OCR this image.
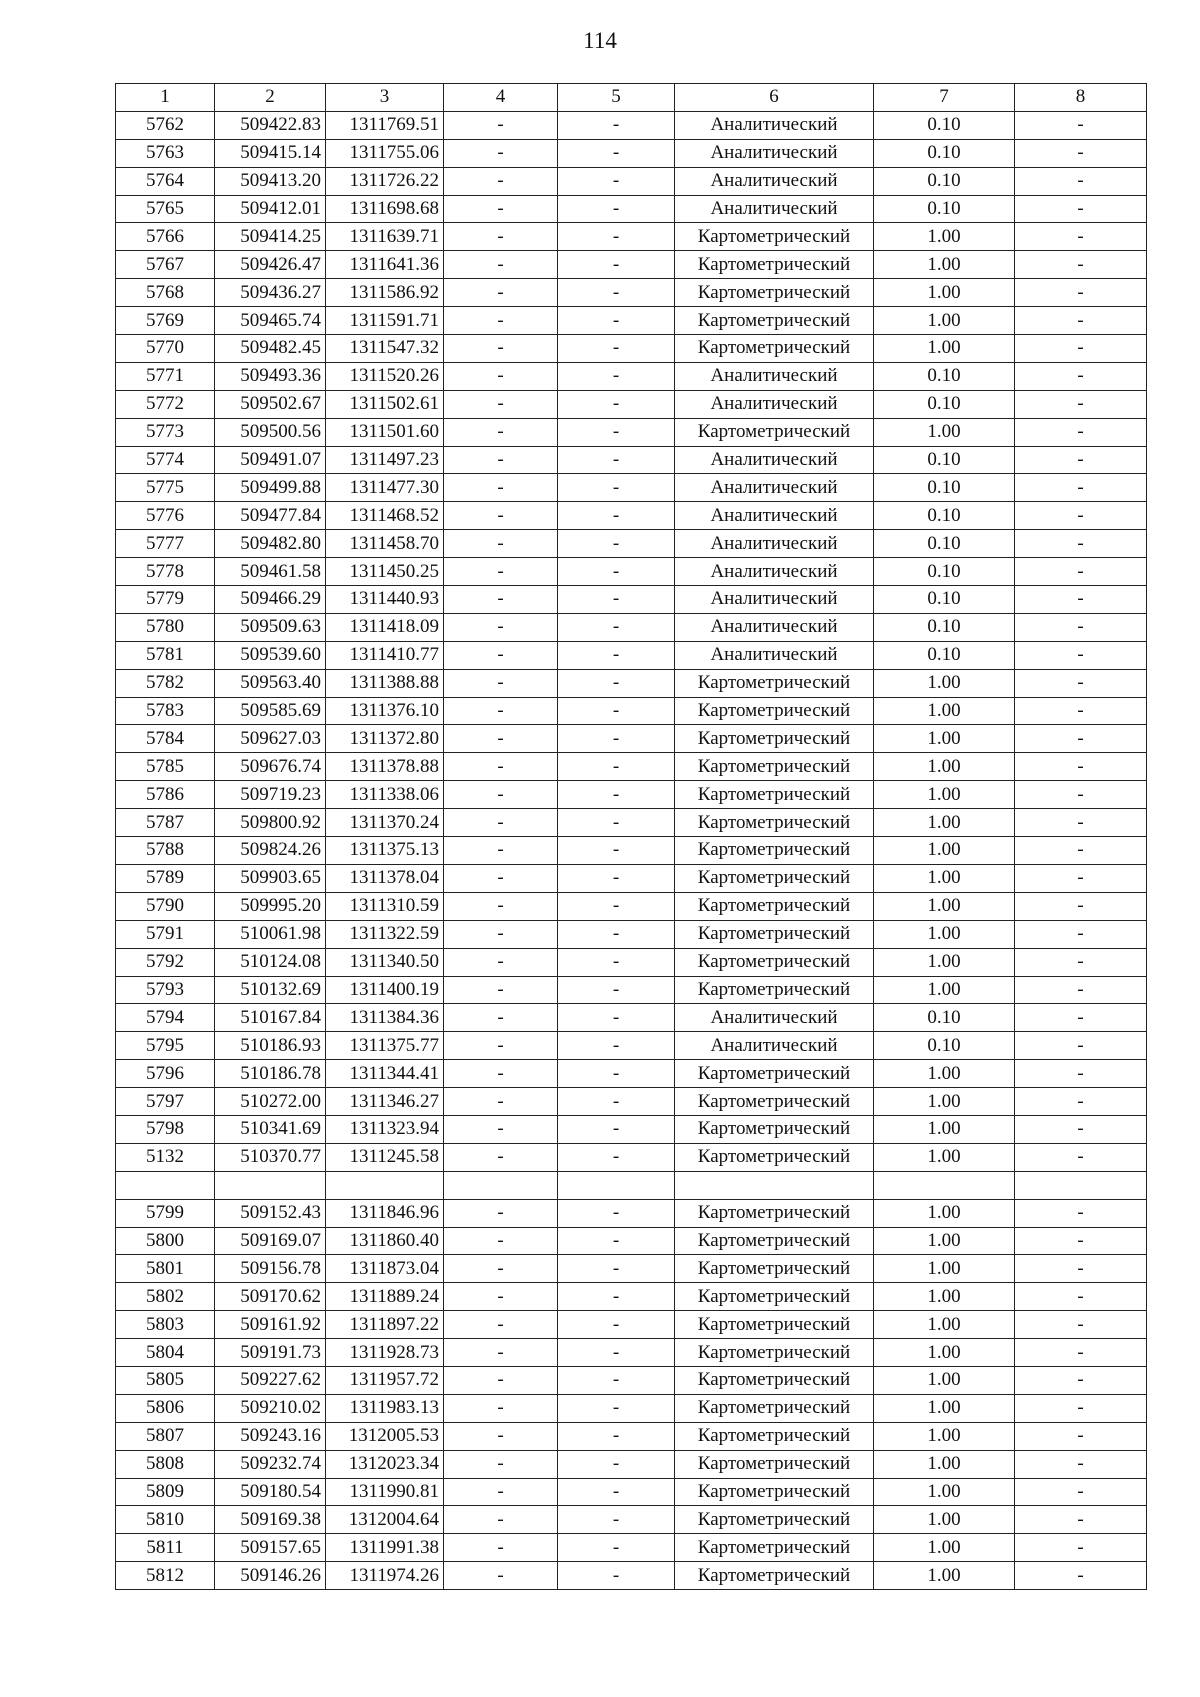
114
1	2	3	4	5	6	7	8
5762	509422.83	1311769.51	-	-	Аналитический	0.10	-
5763	509415.14	1311755.06	-	-	Аналитический	0.10	-
5764	509413.20	1311726.22	-	-	Аналитический	0.10	-
5765	509412.01	1311698.68	-	-	Аналитический	0.10	-
5766	509414.25	1311639.71	-	-	Картометрический	1.00	-
5767	509426.47	1311641.36	-	-	Картометрический	1.00	-
5768	509436.27	1311586.92	-	-	Картометрический	1.00	-
5769	509465.74	1311591.71	-	-	Картометрический	1.00	-
5770	509482.45	1311547.32	-	-	Картометрический	1.00	-
5771	509493.36	1311520.26	-	-	Аналитический	0.10	-
5772	509502.67	1311502.61	-	-	Аналитический	0.10	-
5773	509500.56	1311501.60	-	-	Картометрический	1.00	-
5774	509491.07	1311497.23	-	-	Аналитический	0.10	-
5775	509499.88	1311477.30	-	-	Аналитический	0.10	-
5776	509477.84	1311468.52	-	-	Аналитический	0.10	-
5777	509482.80	1311458.70	-	-	Аналитический	0.10	-
5778	509461.58	1311450.25	-	-	Аналитический	0.10	-
5779	509466.29	1311440.93	-	-	Аналитический	0.10	-
5780	509509.63	1311418.09	-	-	Аналитический	0.10	-
5781	509539.60	1311410.77	-	-	Аналитический	0.10	-
5782	509563.40	1311388.88	-	-	Картометрический	1.00	-
5783	509585.69	1311376.10	-	-	Картометрический	1.00	-
5784	509627.03	1311372.80	-	-	Картометрический	1.00	-
5785	509676.74	1311378.88	-	-	Картометрический	1.00	-
5786	509719.23	1311338.06	-	-	Картометрический	1.00	-
5787	509800.92	1311370.24	-	-	Картометрический	1.00	-
5788	509824.26	1311375.13	-	-	Картометрический	1.00	-
5789	509903.65	1311378.04	-	-	Картометрический	1.00	-
5790	509995.20	1311310.59	-	-	Картометрический	1.00	-
5791	510061.98	1311322.59	-	-	Картометрический	1.00	-
5792	510124.08	1311340.50	-	-	Картометрический	1.00	-
5793	510132.69	1311400.19	-	-	Картометрический	1.00	-
5794	510167.84	1311384.36	-	-	Аналитический	0.10	-
5795	510186.93	1311375.77	-	-	Аналитический	0.10	-
5796	510186.78	1311344.41	-	-	Картометрический	1.00	-
5797	510272.00	1311346.27	-	-	Картометрический	1.00	-
5798	510341.69	1311323.94	-	-	Картометрический	1.00	-
5132	510370.77	1311245.58	-	-	Картометрический	1.00	-

5799	509152.43	1311846.96	-	-	Картометрический	1.00	-
5800	509169.07	1311860.40	-	-	Картометрический	1.00	-
5801	509156.78	1311873.04	-	-	Картометрический	1.00	-
5802	509170.62	1311889.24	-	-	Картометрический	1.00	-
5803	509161.92	1311897.22	-	-	Картометрический	1.00	-
5804	509191.73	1311928.73	-	-	Картометрический	1.00	-
5805	509227.62	1311957.72	-	-	Картометрический	1.00	-
5806	509210.02	1311983.13	-	-	Картометрический	1.00	-
5807	509243.16	1312005.53	-	-	Картометрический	1.00	-
5808	509232.74	1312023.34	-	-	Картометрический	1.00	-
5809	509180.54	1311990.81	-	-	Картометрический	1.00	-
5810	509169.38	1312004.64	-	-	Картометрический	1.00	-
5811	509157.65	1311991.38	-	-	Картометрический	1.00	-
5812	509146.26	1311974.26	-	-	Картометрический	1.00	-
